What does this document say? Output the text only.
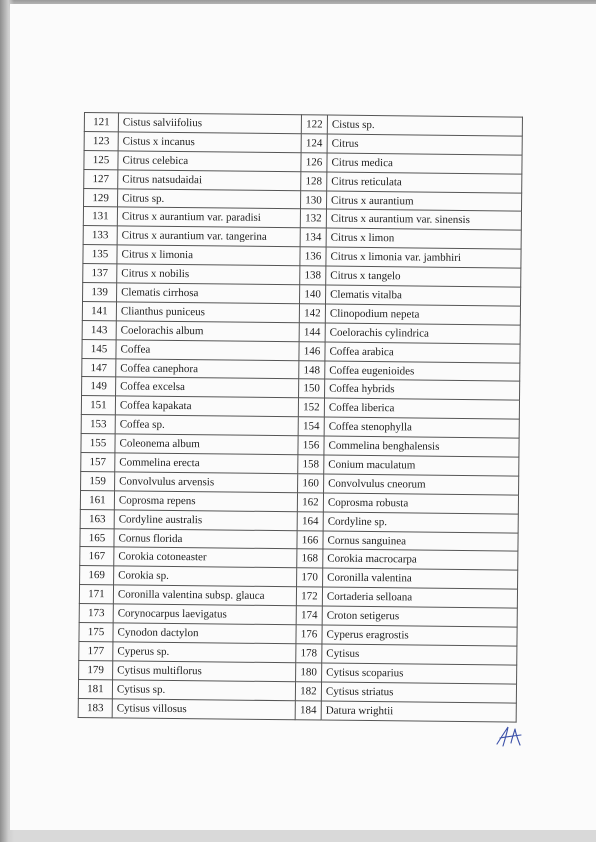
121	Cistus salviifolius	122	Cistus sp.
123	Cistus x incanus	124	Citrus
125	Citrus celebica	126	Citrus medica
127	Citrus natsudaidai	128	Citrus reticulata
129	Citrus sp.	130	Citrus x aurantium
131	Citrus x aurantium var. paradisi	132	Citrus x aurantium var. sinensis
133	Citrus x aurantium var. tangerina	134	Citrus x limon
135	Citrus x limonia	136	Citrus x limonia var. jambhiri
137	Citrus x nobilis	138	Citrus x tangelo
139	Clematis cirrhosa	140	Clematis vitalba
141	Clianthus puniceus	142	Clinopodium nepeta
143	Coelorachis album	144	Coelorachis cylindrica
145	Coffea	146	Coffea arabica
147	Coffea canephora	148	Coffea eugenioides
149	Coffea excelsa	150	Coffea hybrids
151	Coffea kapakata	152	Coffea liberica
153	Coffea sp.	154	Coffea stenophylla
155	Coleonema album	156	Commelina benghalensis
157	Commelina erecta	158	Conium maculatum
159	Convolvulus arvensis	160	Convolvulus cneorum
161	Coprosma repens	162	Coprosma robusta
163	Cordyline australis	164	Cordyline sp.
165	Cornus florida	166	Cornus sanguinea
167	Corokia cotoneaster	168	Corokia macrocarpa
169	Corokia sp.	170	Coronilla valentina
171	Coronilla valentina subsp. glauca	172	Cortaderia selloana
173	Corynocarpus laevigatus	174	Croton setigerus
175	Cynodon dactylon	176	Cyperus eragrostis
177	Cyperus sp.	178	Cytisus
179	Cytisus multiflorus	180	Cytisus scoparius
181	Cytisus sp.	182	Cytisus striatus
183	Cytisus villosus	184	Datura wrightii
